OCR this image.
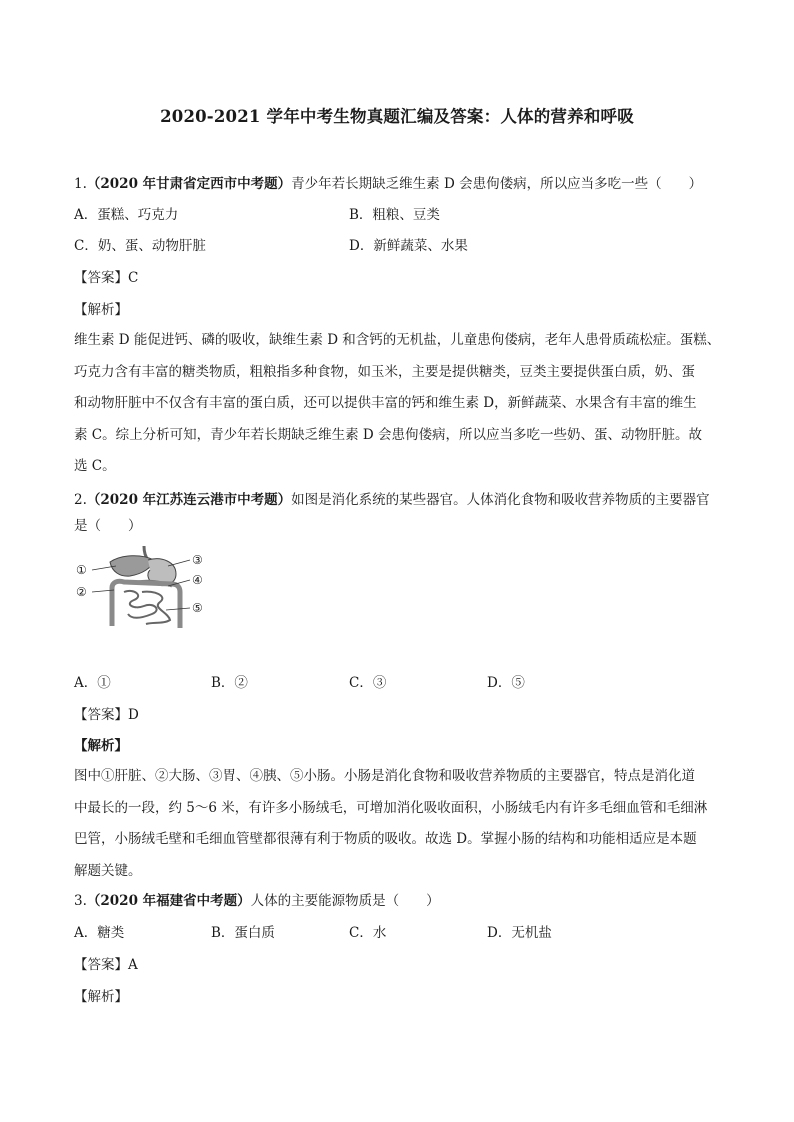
2020-2021 学年中考生物真题汇编及答案：人体的营养和呼吸
1.（2020 年甘肃省定西市中考题）青少年若长期缺乏维生素 D 会患佝偻病，所以应当多吃一些（　　）
A．蛋糕、巧克力	B．粗粮、豆类
C．奶、蛋、动物肝脏	D．新鲜蔬菜、水果
【答案】C
【解析】
维生素 D 能促进钙、磷的吸收，缺维生素 D 和含钙的无机盐，儿童患佝偻病，老年人患骨质疏松症。蛋糕、
巧克力含有丰富的糖类物质，粗粮指多种食物，如玉米，主要是提供糖类，豆类主要提供蛋白质，奶、蛋
和动物肝脏中不仅含有丰富的蛋白质，还可以提供丰富的钙和维生素 D，新鲜蔬菜、水果含有丰富的维生
素 C。综上分析可知，青少年若长期缺乏维生素 D 会患佝偻病，所以应当多吃一些奶、蛋、动物肝脏。故
选 C。
2.（2020 年江苏连云港市中考题）如图是消化系统的某些器官。人体消化食物和吸收营养物质的主要器官
是（　　）
①
②
③
④
⑤
A．①	B．②	C．③	D．⑤
【答案】D
【解析】
图中①肝脏、②大肠、③胃、④胰、⑤小肠。小肠是消化食物和吸收营养物质的主要器官，特点是消化道
中最长的一段，约 5～6 米，有许多小肠绒毛，可增加消化吸收面积，小肠绒毛内有许多毛细血管和毛细淋
巴管，小肠绒毛壁和毛细血管壁都很薄有利于物质的吸收。故选 D。掌握小肠的结构和功能相适应是本题
解题关键。
3.（2020 年福建省中考题）人体的主要能源物质是（　　）
A．糖类	B．蛋白质	C．水	D．无机盐
【答案】A
【解析】
